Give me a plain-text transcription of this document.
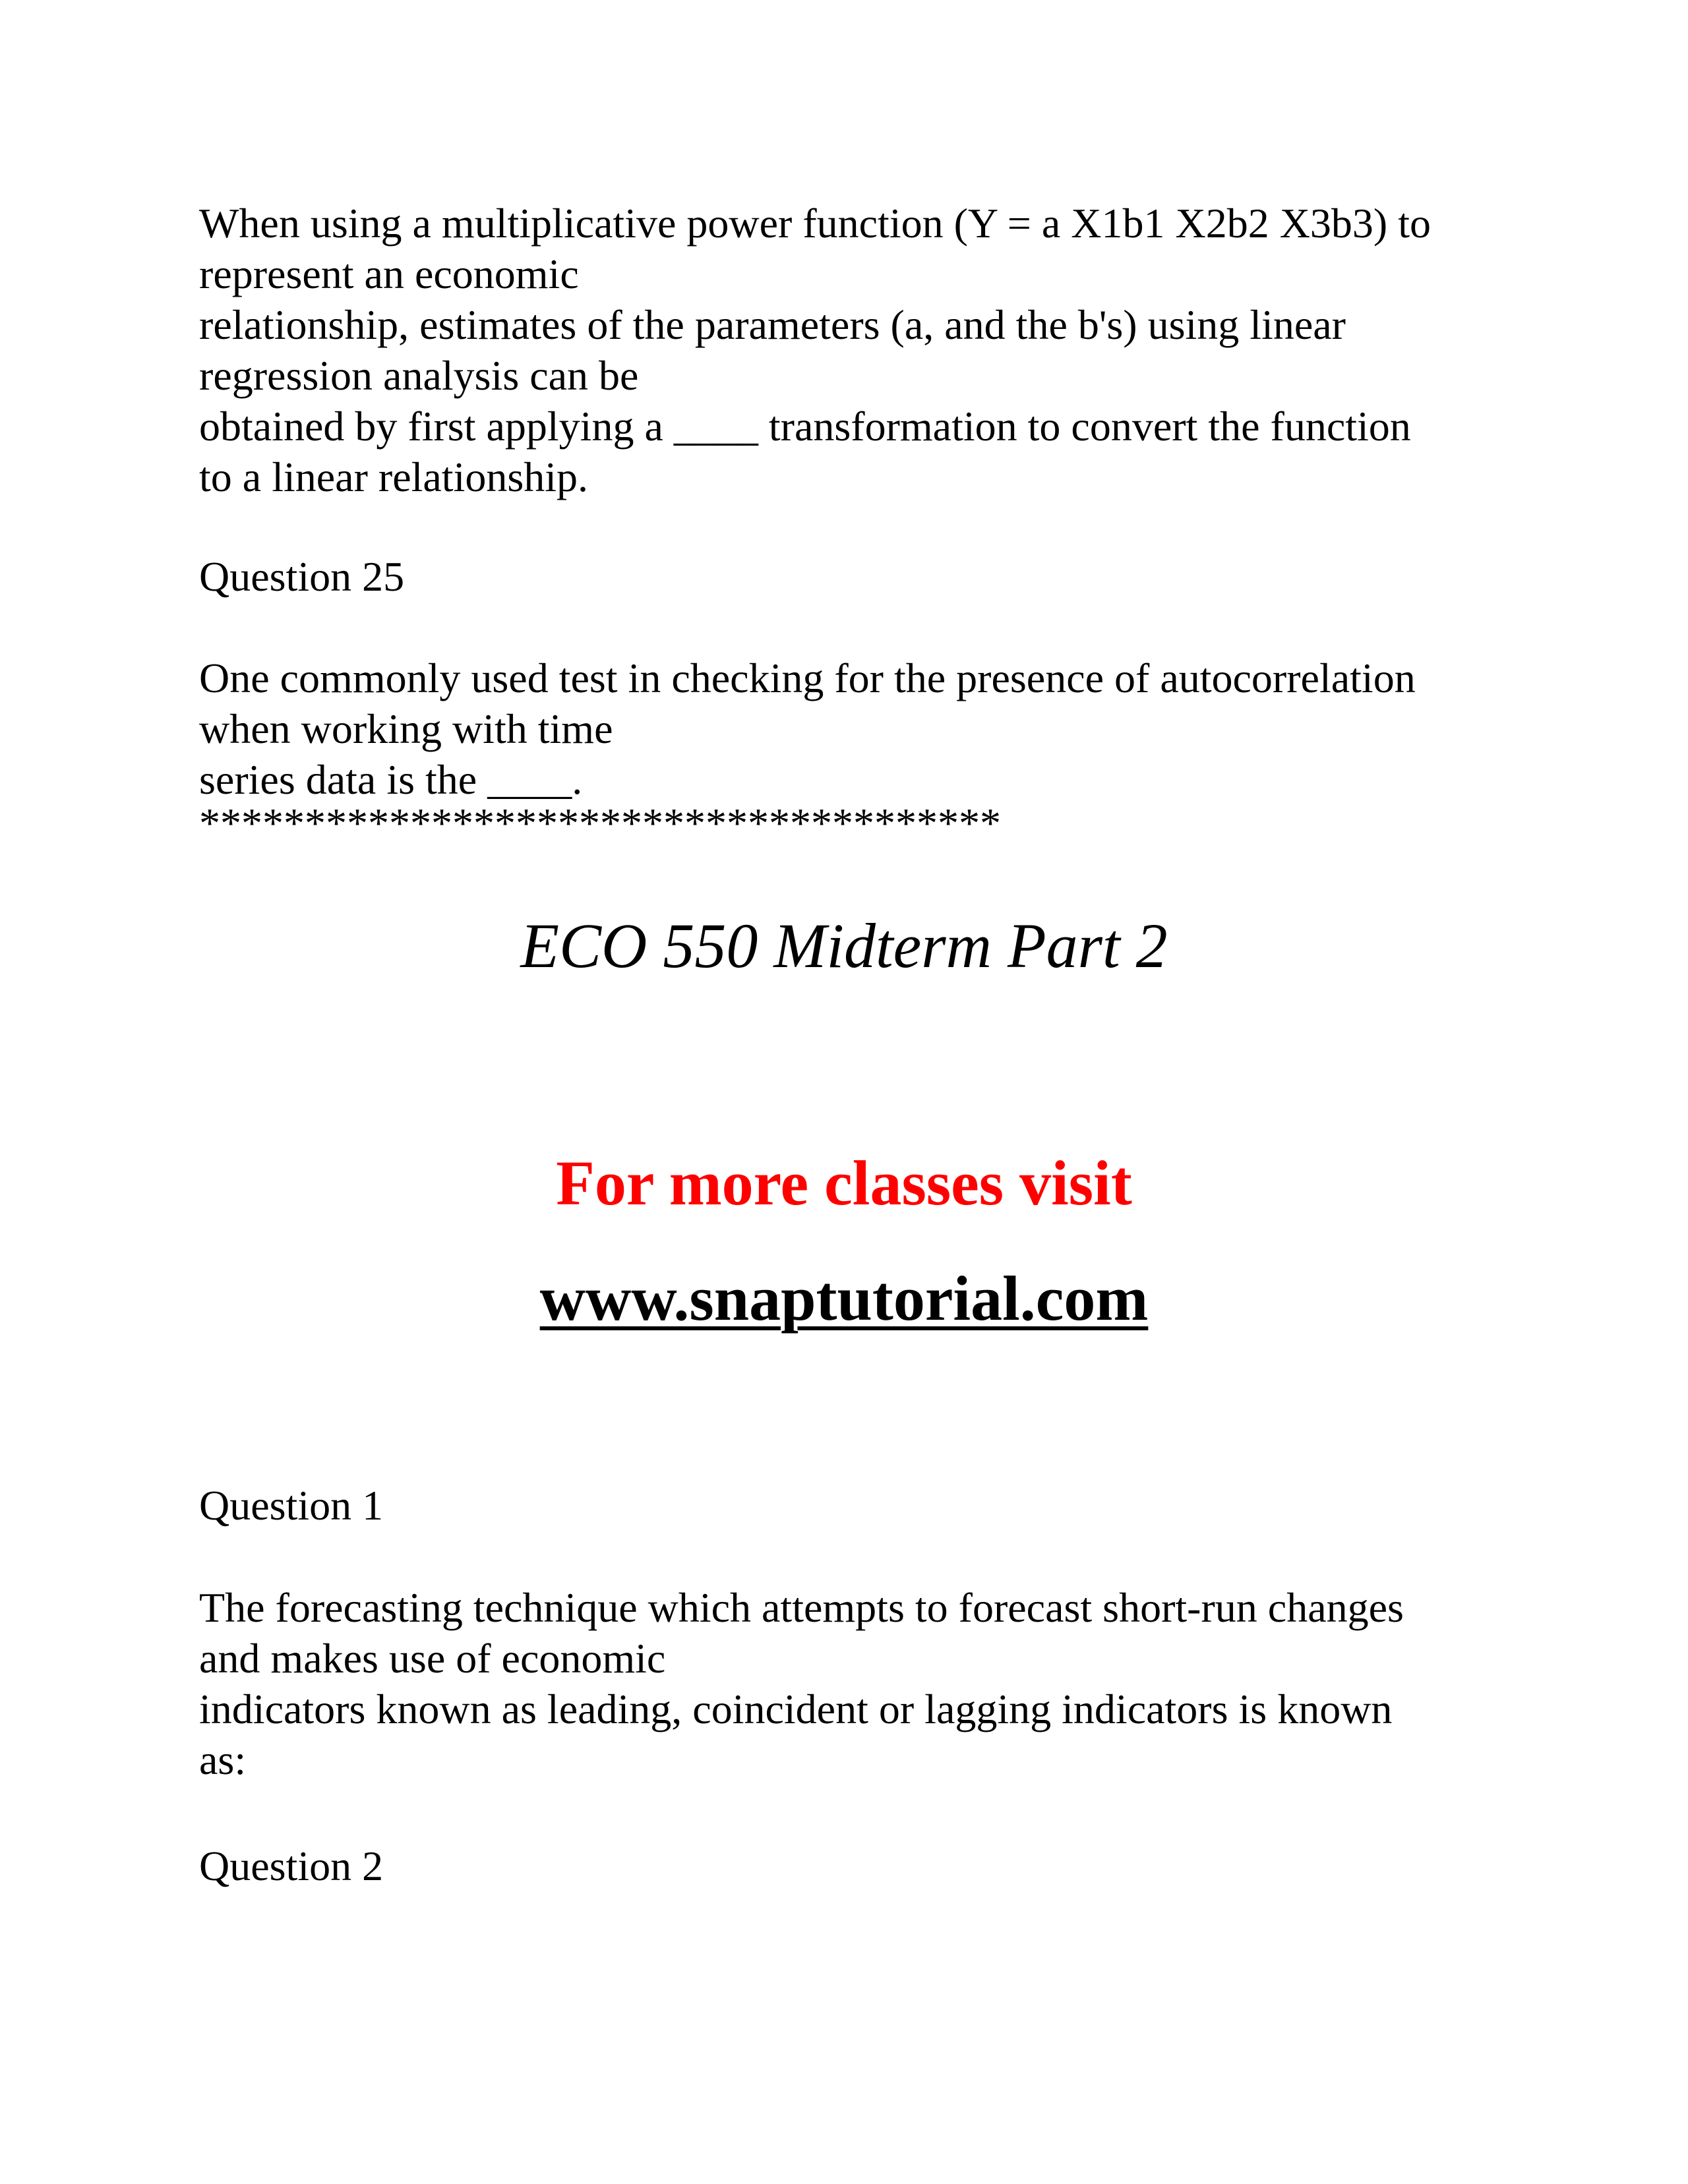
When using a multiplicative power function (Y = a X1b1 X2b2 X3b3) to
represent an economic
relationship, estimates of the parameters (a, and the b's) using linear
regression analysis can be
obtained by first applying a ____ transformation to convert the function
to a linear relationship.

Question 25

One commonly used test in checking for the presence of autocorrelation
when working with time
series data is the ____.
**************************************

ECO 550 Midterm Part 2

For more classes visit

www.snaptutorial.com

Question 1

The forecasting technique which attempts to forecast short-run changes
and makes use of economic
indicators known as leading, coincident or lagging indicators is known
as:

Question 2
